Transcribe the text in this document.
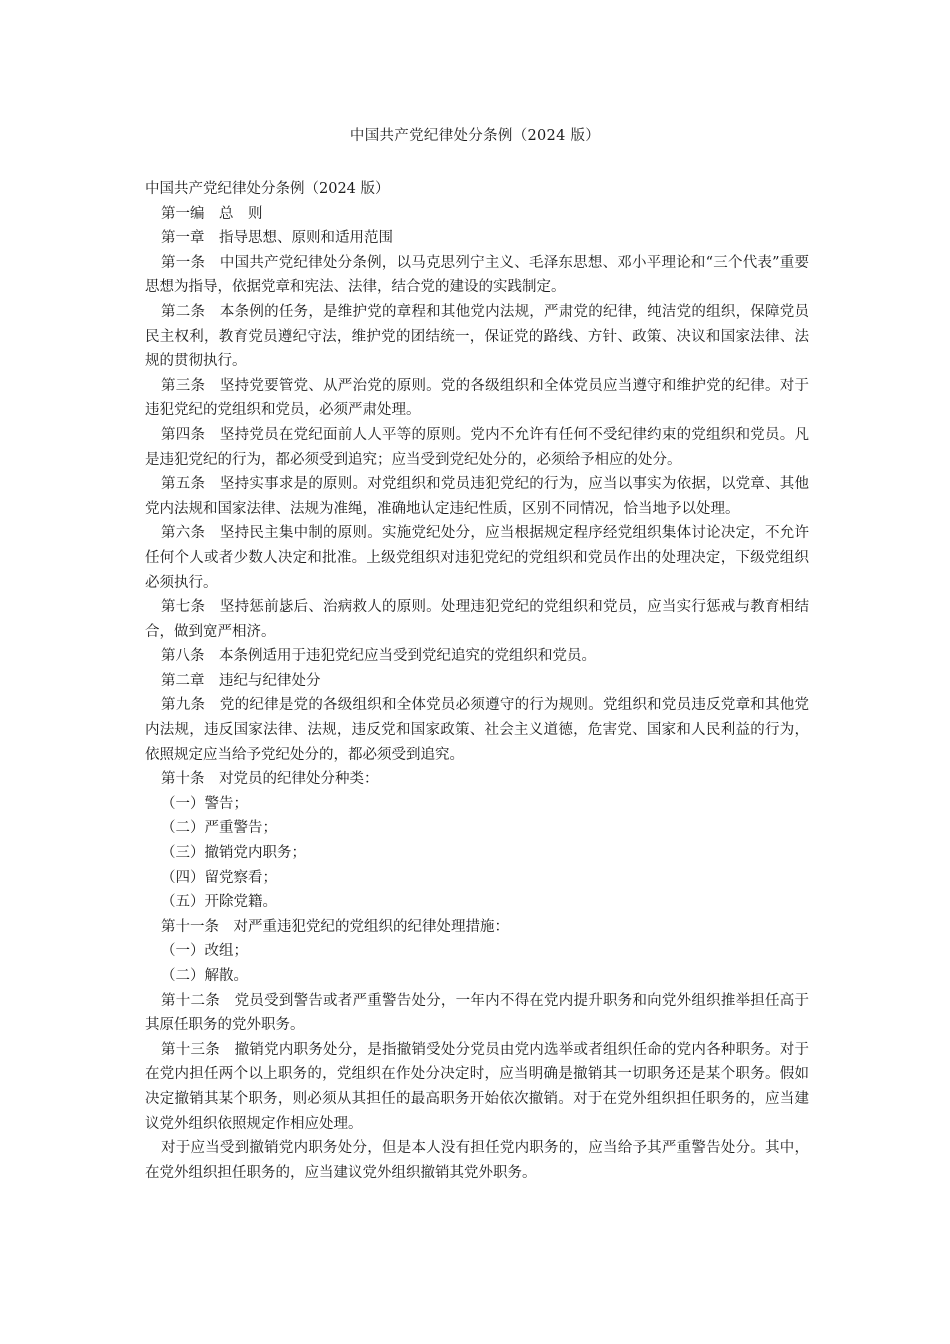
中国共产党纪律处分条例（2024 版）

中国共产党纪律处分条例（2024 版）

第一编　总　则

第一章　指导思想、原则和适用范围

第一条　中国共产党纪律处分条例，以马克思列宁主义、毛泽东思想、邓小平理论和“三个代表”重要思想为指导，依据党章和宪法、法律，结合党的建设的实践制定。

第二条　本条例的任务，是维护党的章程和其他党内法规，严肃党的纪律，纯洁党的组织，保障党员民主权利，教育党员遵纪守法，维护党的团结统一，保证党的路线、方针、政策、决议和国家法律、法规的贯彻执行。

第三条　坚持党要管党、从严治党的原则。党的各级组织和全体党员应当遵守和维护党的纪律。对于违犯党纪的党组织和党员，必须严肃处理。

第四条　坚持党员在党纪面前人人平等的原则。党内不允许有任何不受纪律约束的党组织和党员。凡是违犯党纪的行为，都必须受到追究；应当受到党纪处分的，必须给予相应的处分。

第五条　坚持实事求是的原则。对党组织和党员违犯党纪的行为，应当以事实为依据，以党章、其他党内法规和国家法律、法规为准绳，准确地认定违纪性质，区别不同情况，恰当地予以处理。

第六条　坚持民主集中制的原则。实施党纪处分，应当根据规定程序经党组织集体讨论决定，不允许任何个人或者少数人决定和批准。上级党组织对违犯党纪的党组织和党员作出的处理决定，下级党组织必须执行。

第七条　坚持惩前毖后、治病救人的原则。处理违犯党纪的党组织和党员，应当实行惩戒与教育相结合，做到宽严相济。

第八条　本条例适用于违犯党纪应当受到党纪追究的党组织和党员。

第二章　违纪与纪律处分

第九条　党的纪律是党的各级组织和全体党员必须遵守的行为规则。党组织和党员违反党章和其他党内法规，违反国家法律、法规，违反党和国家政策、社会主义道德，危害党、国家和人民利益的行为，依照规定应当给予党纪处分的，都必须受到追究。

第十条　对党员的纪律处分种类：

（一）警告；

（二）严重警告；

（三）撤销党内职务；

（四）留党察看；

（五）开除党籍。

第十一条　对严重违犯党纪的党组织的纪律处理措施：

（一）改组；

（二）解散。

第十二条　党员受到警告或者严重警告处分，一年内不得在党内提升职务和向党外组织推举担任高于其原任职务的党外职务。

第十三条　撤销党内职务处分，是指撤销受处分党员由党内选举或者组织任命的党内各种职务。对于在党内担任两个以上职务的，党组织在作处分决定时，应当明确是撤销其一切职务还是某个职务。假如决定撤销其某个职务，则必须从其担任的最高职务开始依次撤销。对于在党外组织担任职务的，应当建议党外组织依照规定作相应处理。

对于应当受到撤销党内职务处分，但是本人没有担任党内职务的，应当给予其严重警告处分。其中，在党外组织担任职务的，应当建议党外组织撤销其党外职务。
